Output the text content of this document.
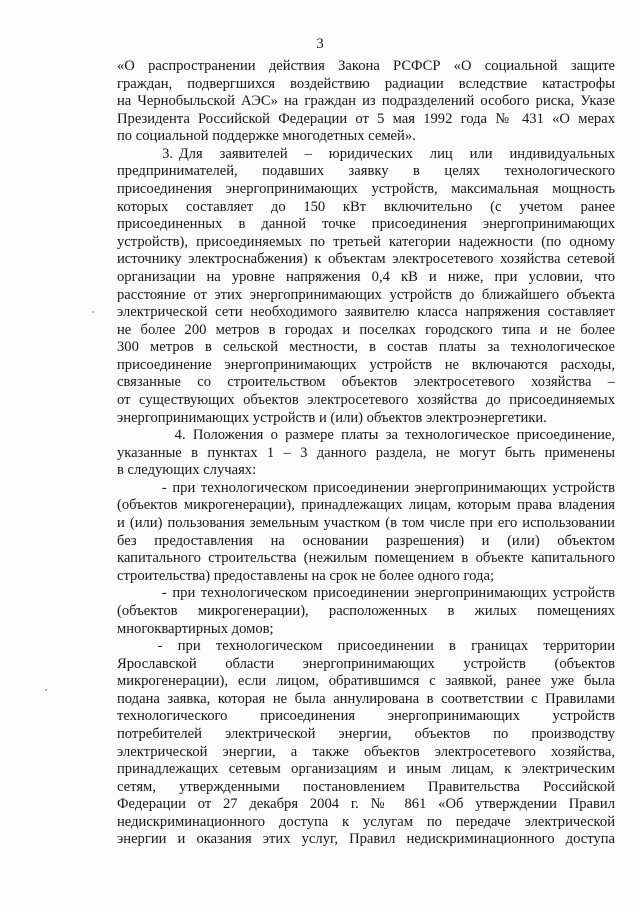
3
«О распространении действия Закона РСФСР «О социальной защите
граждан, подвергшихся воздействию радиации вследствие катастрофы
на Чернобыльской АЭС» на граждан из подразделений особого риска, Указе
Президента Российской Федерации от 5 мая 1992 года № 431 «О мерах
по социальной поддержке многодетных семей».
3. Для   заявителей   –   юридических   лиц   или   индивидуальных
предпринимателей,   подавших   заявку   в   целях   технологического
присоединения энергопринимающих устройств, максимальная мощность
которых   составляет   до   150   кВт   включительно   (с   учетом   ранее
присоединенных в данной точке присоединения энергопринимающих
устройств), присоединяемых по третьей категории надежности (по одному
источнику электроснабжения) к объектам электросетевого хозяйства сетевой
организации на уровне напряжения 0,4 кВ и ниже, при условии, что
расстояние от этих энергопринимающих устройств до ближайшего объекта
электрической сети необходимого заявителю класса напряжения составляет
не более 200 метров в городах и поселках городского типа и не более
300 метров в сельской местности, в состав платы за технологическое
присоединение энергопринимающих устройств не включаются расходы,
связанные со строительством объектов электросетевого хозяйства –
от существующих объектов электросетевого хозяйства до присоединяемых
энергопринимающих устройств и (или) объектов электроэнергетики.
4. Положения о размере платы за технологическое присоединение,
указанные в пунктах 1 – 3 данного раздела, не могут быть применены
в следующих случаях:
- при технологическом присоединении энергопринимающих устройств
(объектов микрогенерации), принадлежащих лицам, которым права владения
и (или) пользования земельным участком (в том числе при его использовании
без   предоставления   на   основании   разрешения)   и   (или)   объектом
капитального строительства (нежилым помещением в объекте капитального
строительства) предоставлены на срок не более одного года;
- при технологическом присоединении энергопринимающих устройств
(объектов   микрогенерации),   расположенных   в   жилых   помещениях
многоквартирных домов;
-   при   технологическом   присоединении   в   границах   территории
Ярославской   области   энергопринимающих   устройств   (объектов
микрогенерации), если лицом, обратившимся с заявкой, ранее уже была
подана заявка, которая не была аннулирована в соответствии с Правилами
технологического   присоединения   энергопринимающих   устройств
потребителей   электрической   энергии,   объектов   по   производству
электрической энергии, а также объектов электросетевого хозяйства,
принадлежащих сетевым организациям и иным лицам, к электрическим
сетям,   утвержденными   постановлением   Правительства   Российской
Федерации от 27 декабря 2004 г. № 861 «Об утверждении Правил
недискриминационного доступа к услугам по передаче электрической
энергии и оказания этих услуг, Правил недискриминационного доступа
